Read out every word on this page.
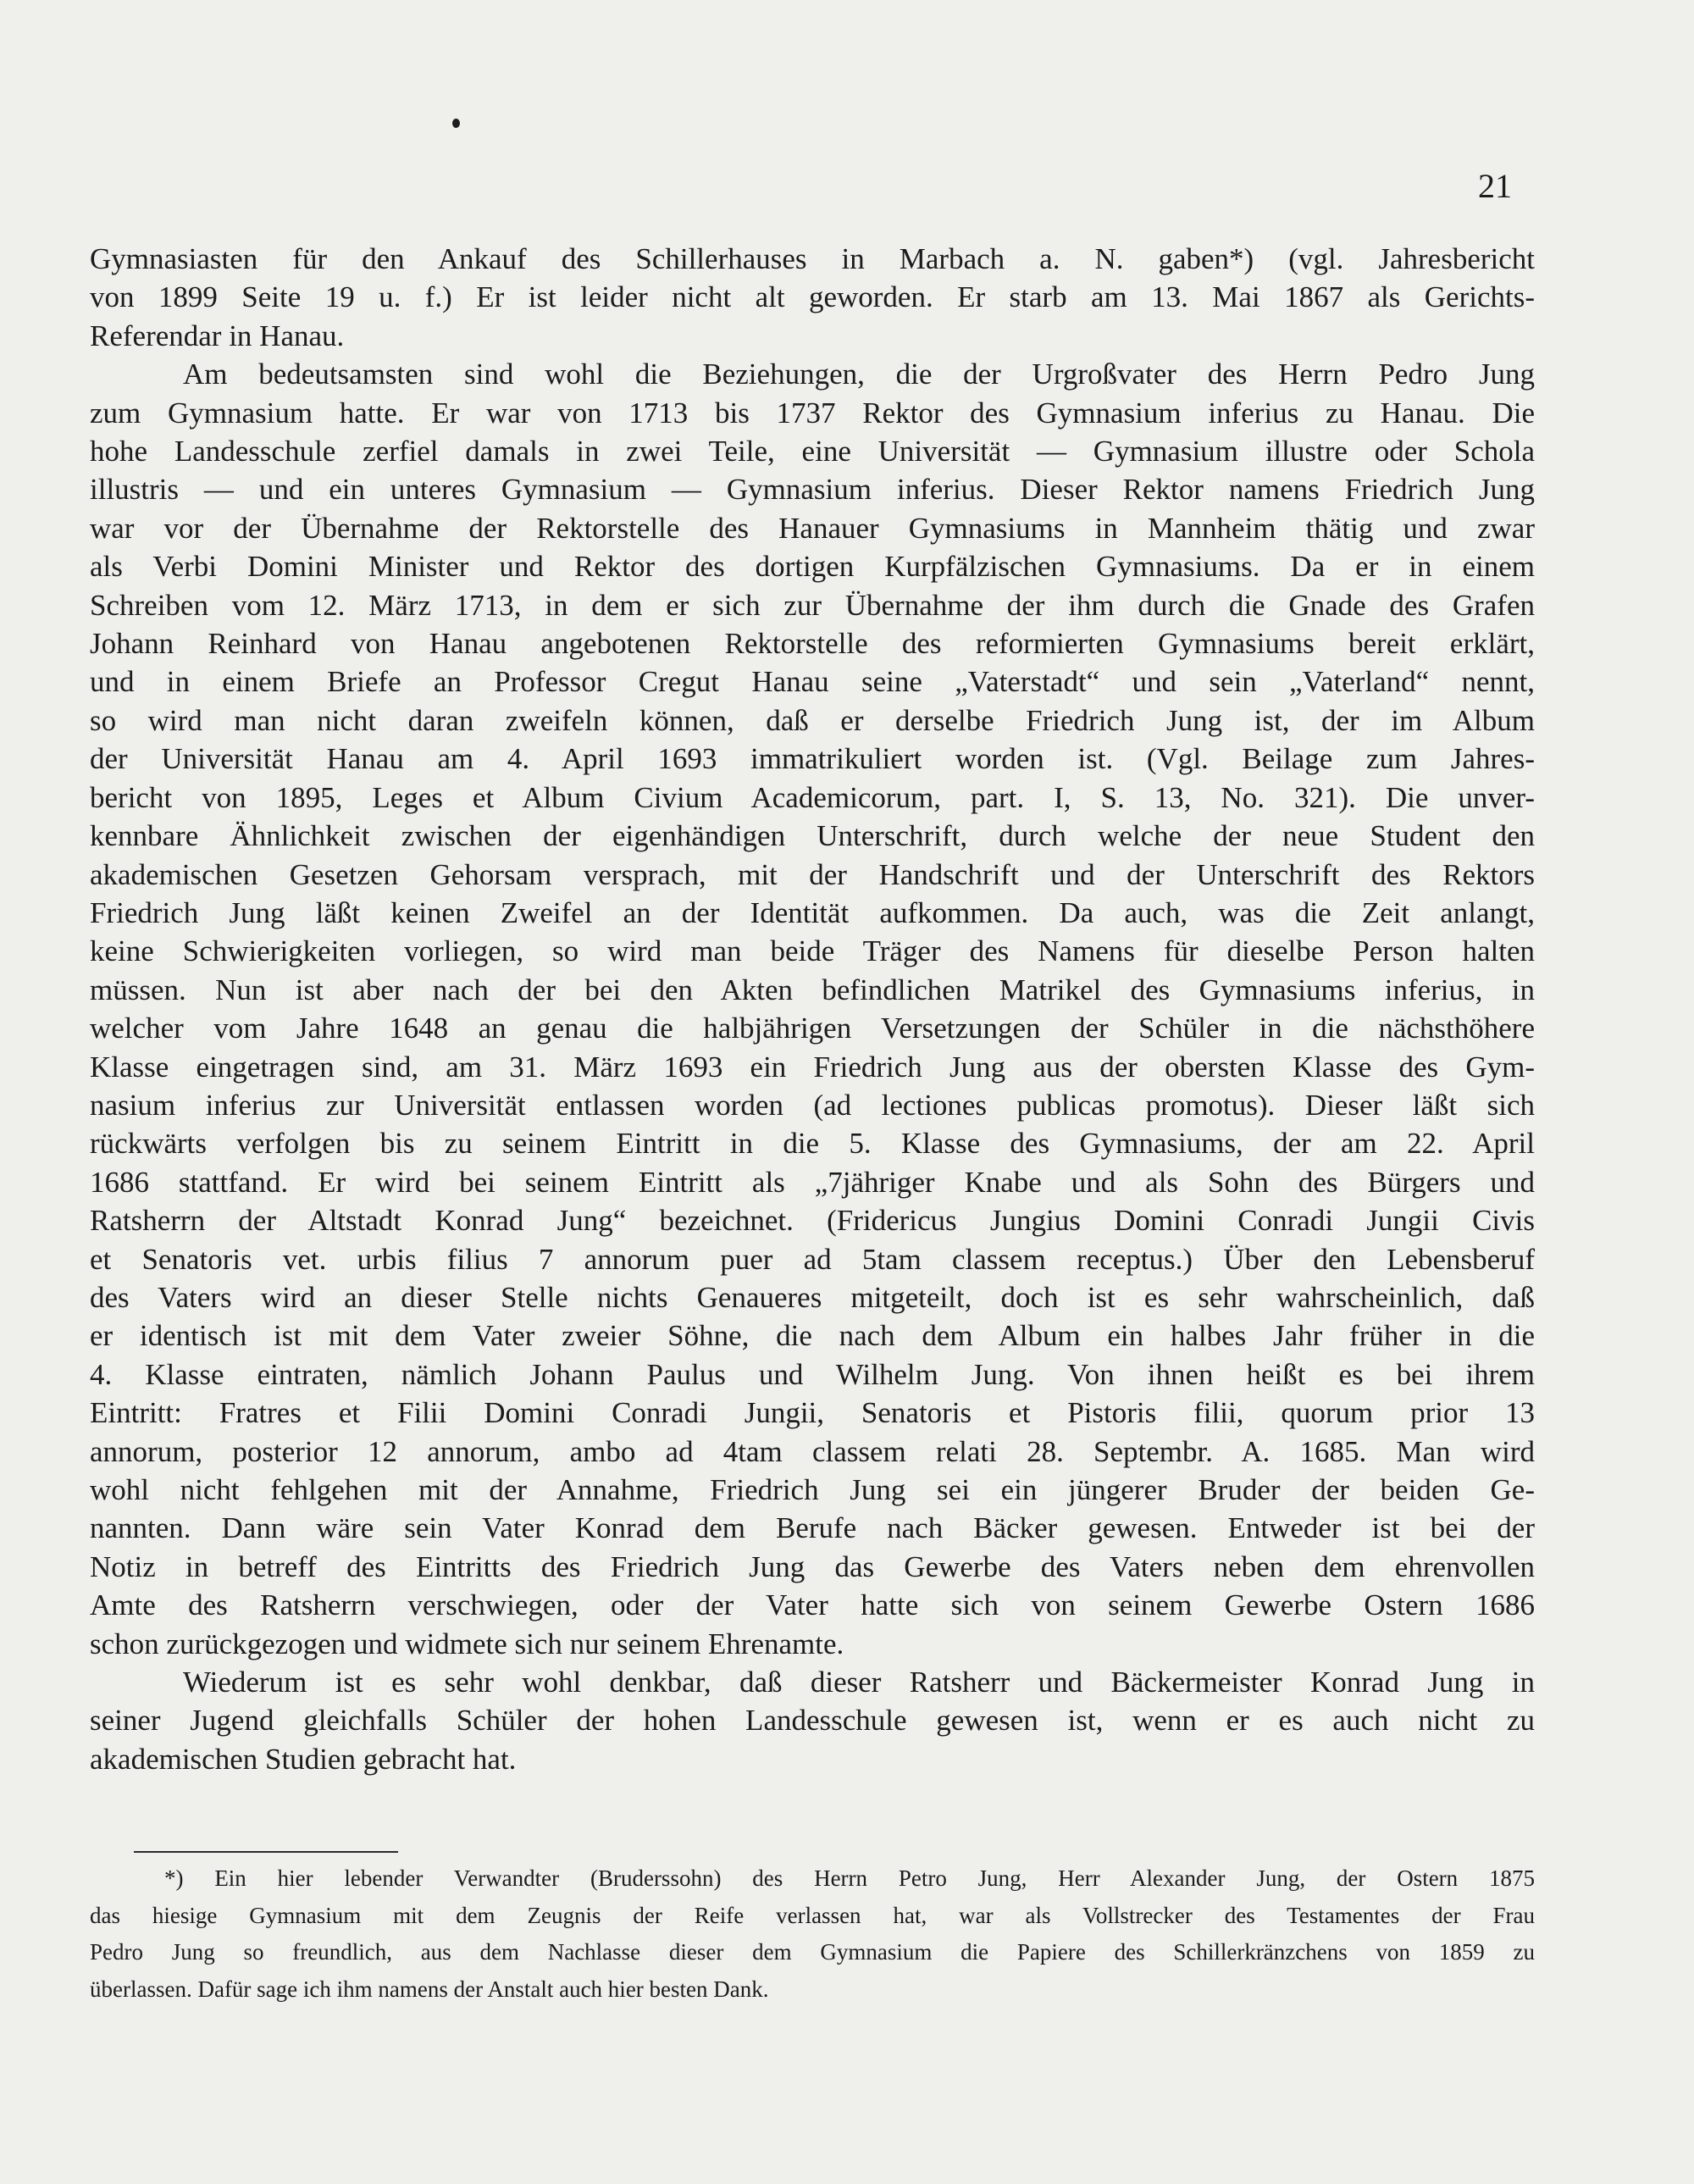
21
Gymnasiasten für den Ankauf des Schillerhauses in Marbach a. N. gaben*) (vgl. Jahresbericht
von 1899 Seite 19 u. f.) Er ist leider nicht alt geworden. Er starb am 13. Mai 1867 als Gerichts-
Referendar in Hanau.
Am bedeutsamsten sind wohl die Beziehungen, die der Urgroßvater des Herrn Pedro Jung
zum Gymnasium hatte. Er war von 1713 bis 1737 Rektor des Gymnasium inferius zu Hanau. Die
hohe Landesschule zerfiel damals in zwei Teile, eine Universität — Gymnasium illustre oder Schola
illustris — und ein unteres Gymnasium — Gymnasium inferius. Dieser Rektor namens Friedrich Jung
war vor der Übernahme der Rektorstelle des Hanauer Gymnasiums in Mannheim thätig und zwar
als Verbi Domini Minister und Rektor des dortigen Kurpfälzischen Gymnasiums. Da er in einem
Schreiben vom 12. März 1713, in dem er sich zur Übernahme der ihm durch die Gnade des Grafen
Johann Reinhard von Hanau angebotenen Rektorstelle des reformierten Gymnasiums bereit erklärt,
und in einem Briefe an Professor Cregut Hanau seine „Vaterstadt“ und sein „Vaterland“ nennt,
so wird man nicht daran zweifeln können, daß er derselbe Friedrich Jung ist, der im Album
der Universität Hanau am 4. April 1693 immatrikuliert worden ist. (Vgl. Beilage zum Jahres-
bericht von 1895, Leges et Album Civium Academicorum, part. I, S. 13, No. 321). Die unver-
kennbare Ähnlichkeit zwischen der eigenhändigen Unterschrift, durch welche der neue Student den
akademischen Gesetzen Gehorsam versprach, mit der Handschrift und der Unterschrift des Rektors
Friedrich Jung läßt keinen Zweifel an der Identität aufkommen. Da auch, was die Zeit anlangt,
keine Schwierigkeiten vorliegen, so wird man beide Träger des Namens für dieselbe Person halten
müssen. Nun ist aber nach der bei den Akten befindlichen Matrikel des Gymnasiums inferius, in
welcher vom Jahre 1648 an genau die halbjährigen Versetzungen der Schüler in die nächsthöhere
Klasse eingetragen sind, am 31. März 1693 ein Friedrich Jung aus der obersten Klasse des Gym-
nasium inferius zur Universität entlassen worden (ad lectiones publicas promotus). Dieser läßt sich
rückwärts verfolgen bis zu seinem Eintritt in die 5. Klasse des Gymnasiums, der am 22. April
1686 stattfand. Er wird bei seinem Eintritt als „7jähriger Knabe und als Sohn des Bürgers und
Ratsherrn der Altstadt Konrad Jung“ bezeichnet. (Fridericus Jungius Domini Conradi Jungii Civis
et Senatoris vet. urbis filius 7 annorum puer ad 5tam classem receptus.) Über den Lebensberuf
des Vaters wird an dieser Stelle nichts Genaueres mitgeteilt, doch ist es sehr wahrscheinlich, daß
er identisch ist mit dem Vater zweier Söhne, die nach dem Album ein halbes Jahr früher in die
4. Klasse eintraten, nämlich Johann Paulus und Wilhelm Jung. Von ihnen heißt es bei ihrem
Eintritt: Fratres et Filii Domini Conradi Jungii, Senatoris et Pistoris filii, quorum prior 13
annorum, posterior 12 annorum, ambo ad 4tam classem relati 28. Septembr. A. 1685. Man wird
wohl nicht fehlgehen mit der Annahme, Friedrich Jung sei ein jüngerer Bruder der beiden Ge-
nannten. Dann wäre sein Vater Konrad dem Berufe nach Bäcker gewesen. Entweder ist bei der
Notiz in betreff des Eintritts des Friedrich Jung das Gewerbe des Vaters neben dem ehrenvollen
Amte des Ratsherrn verschwiegen, oder der Vater hatte sich von seinem Gewerbe Ostern 1686
schon zurückgezogen und widmete sich nur seinem Ehrenamte.
Wiederum ist es sehr wohl denkbar, daß dieser Ratsherr und Bäckermeister Konrad Jung in
seiner Jugend gleichfalls Schüler der hohen Landesschule gewesen ist, wenn er es auch nicht zu
akademischen Studien gebracht hat.
*) Ein hier lebender Verwandter (Bruderssohn) des Herrn Petro Jung, Herr Alexander Jung, der Ostern 1875
das hiesige Gymnasium mit dem Zeugnis der Reife verlassen hat, war als Vollstrecker des Testamentes der Frau
Pedro Jung so freundlich, aus dem Nachlasse dieser dem Gymnasium die Papiere des Schillerkränzchens von 1859 zu
überlassen. Dafür sage ich ihm namens der Anstalt auch hier besten Dank.
